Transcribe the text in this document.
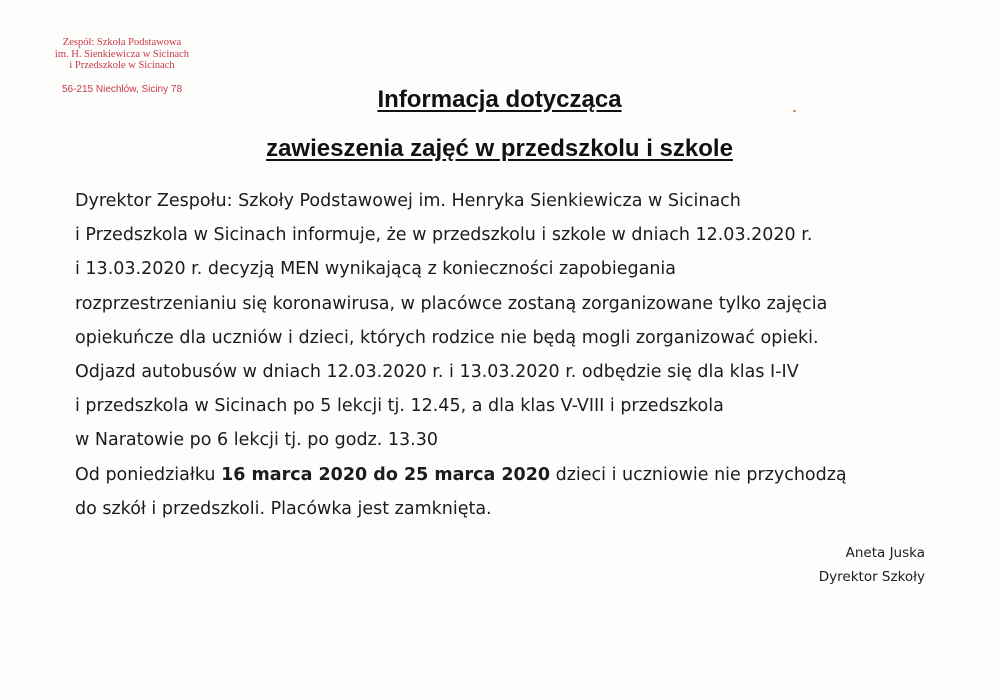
Zespół: Szkoła Podstawowa
im. H. Sienkiewicza w Sicinach
i Przedszkole w Sicinach
56-215 Niechlów, Siciny 78	Informacja dotycząca
zawieszenia zajęć w przedszkolu i szkole
Dyrektor Zespołu: Szkoły Podstawowej im. Henryka Sienkiewicza w Sicinach
i Przedszkola w Sicinach informuje, że w przedszkolu i szkole w dniach 12.03.2020 r.
i 13.03.2020 r. decyzją MEN wynikającą z konieczności zapobiegania
rozprzestrzenianiu się koronawirusa, w placówce zostaną zorganizowane tylko zajęcia
opiekuńcze dla uczniów i dzieci, których rodzice nie będą mogli zorganizować opieki.
Odjazd autobusów w dniach 12.03.2020 r. i 13.03.2020 r. odbędzie się dla klas I-IV
i przedszkola w Sicinach po 5 lekcji tj. 12.45, a dla klas V-VIII i przedszkola
w Naratowie po 6 lekcji tj. po godz. 13.30
Od poniedziałku 16 marca 2020 do 25 marca 2020 dzieci i uczniowie nie przychodzą
do szkół i przedszkoli. Placówka jest zamknięta.
Aneta Juska
Dyrektor Szkoły
